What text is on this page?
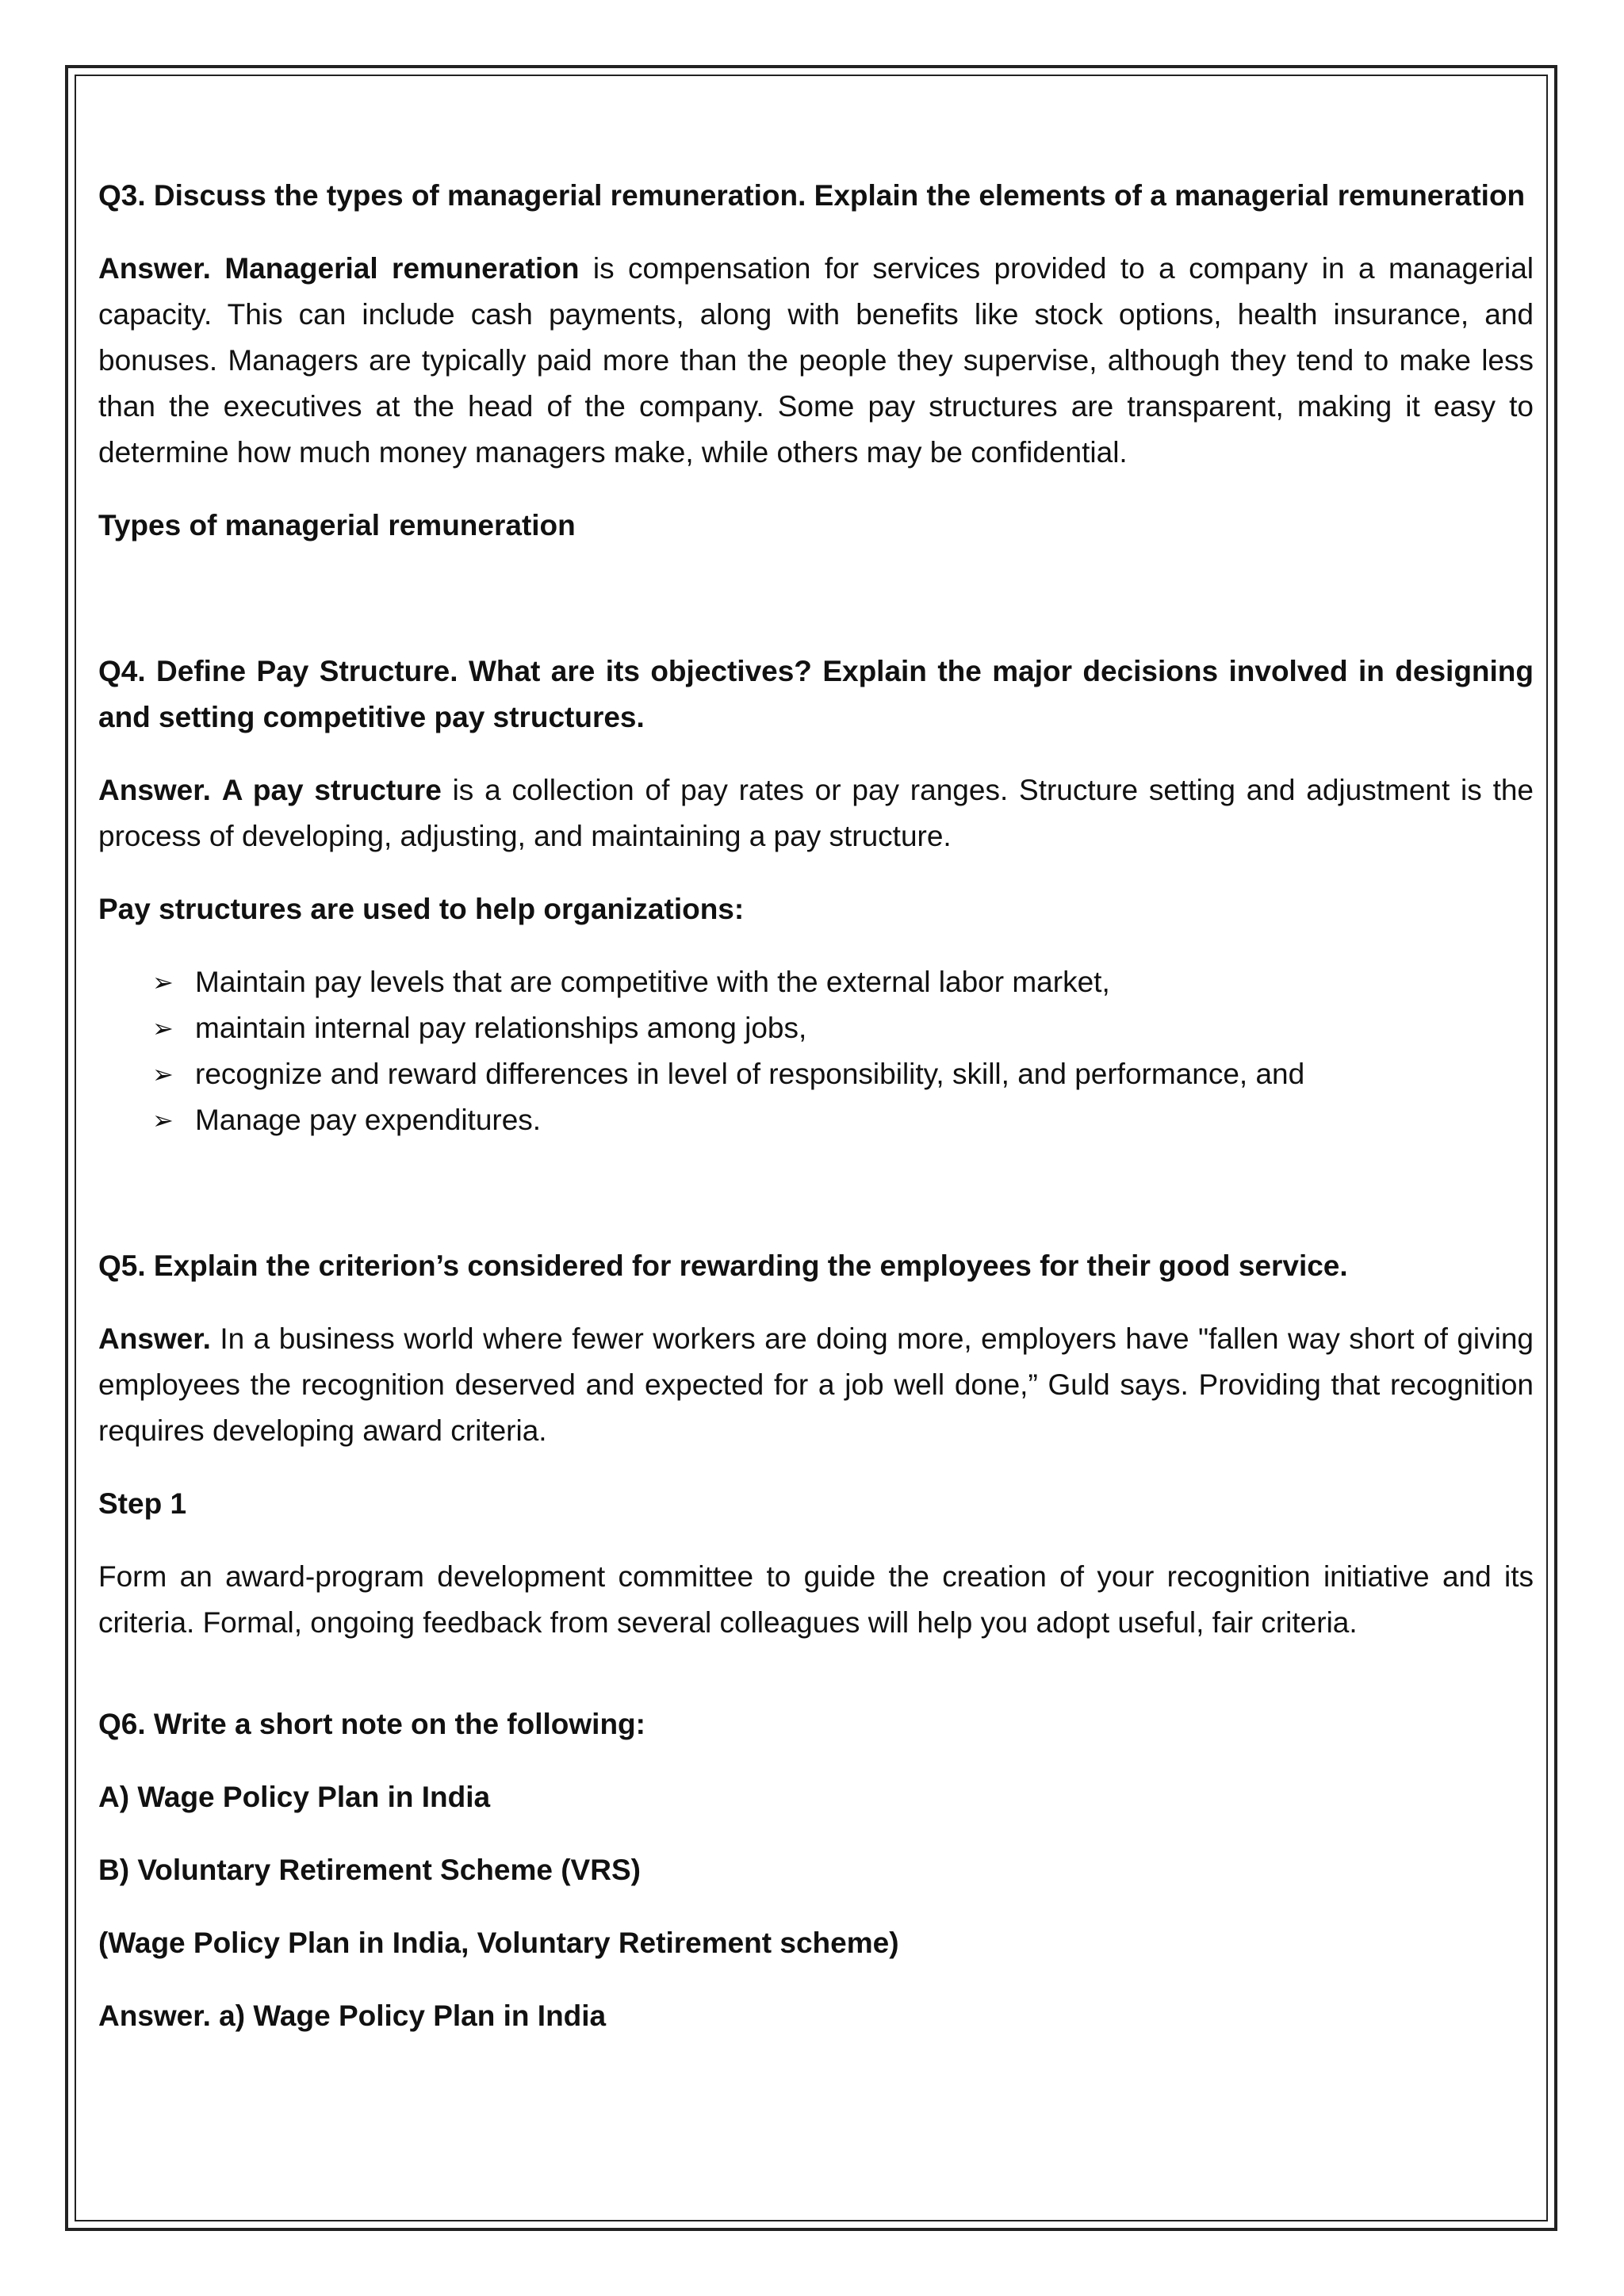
Q3. Discuss the types of managerial remuneration. Explain the elements of a managerial remuneration

Answer. Managerial remuneration is compensation for services provided to a company in a managerial capacity. This can include cash payments, along with benefits like stock options, health insurance, and bonuses. Managers are typically paid more than the people they supervise, although they tend to make less than the executives at the head of the company. Some pay structures are transparent, making it easy to determine how much money managers make, while others may be confidential.

Types of managerial remuneration

Q4. Define Pay Structure. What are its objectives? Explain the major decisions involved in designing and setting competitive pay structures.

Answer. A pay structure is a collection of pay rates or pay ranges. Structure setting and adjustment is the process of developing, adjusting, and maintaining a pay structure.

Pay structures are used to help organizations:

➢ Maintain pay levels that are competitive with the external labor market,
➢ maintain internal pay relationships among jobs,
➢ recognize and reward differences in level of responsibility, skill, and performance, and
➢ Manage pay expenditures.

Q5. Explain the criterion’s considered for rewarding the employees for their good service.

Answer. In a business world where fewer workers are doing more, employers have "fallen way short of giving employees the recognition deserved and expected for a job well done,” Guld says. Providing that recognition requires developing award criteria.

Step 1

Form an award-program development committee to guide the creation of your recognition initiative and its criteria. Formal, ongoing feedback from several colleagues will help you adopt useful, fair criteria.

Q6. Write a short note on the following:

A) Wage Policy Plan in India

B) Voluntary Retirement Scheme (VRS)

(Wage Policy Plan in India, Voluntary Retirement scheme)

Answer. a) Wage Policy Plan in India
